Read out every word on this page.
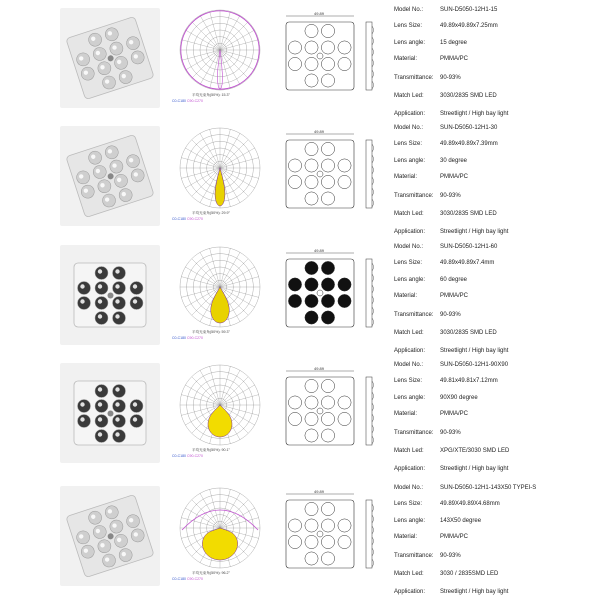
平均光束角(50%): 15.3°
C0-C180 C90-C270
49.89
Model No.:	SUN-D5050-12H1-15
Lens Size:	49.89x49.89x7.25mm
Lens angle: 15 degree
Material:	PMMA/PC
Transmittance: 90-93%
Match Led:	3030/2835 SMD LED
Application: Streetlight / High bay light
平均光束角(50%): 29.9°
C0-C180 C90-C270
49.89
Model No.:	SUN-D5050-12H1-30
Lens Size:	49.89x49.89x7.39mm
Lens angle: 30 degree
Material:	PMMA/PC
Transmittance: 90-93%
Match Led:	3030/2835 SMD LED
Application: Streetlight / High bay light
平均光束角(50%): 59.3°
C0-C180 C90-C270
49.89
Model No.:	SUN-D5050-12H1-60
Lens Size:	49.89x49.89x7.4mm
Lens angle: 60 degree
Material:	PMMA/PC
Transmittance: 90-93%
Match Led:	3030/2835 SMD LED
Application: Streetlight / High bay light
平均光束角(50%): 90.1°
C0-C180 C90-C270
49.89
Model No.:	SUN-D5050-12H1-90X90
Lens Size:	49.81x49.81x7.12mm
Lens angle: 90X90 degree
Material:	PMMA/PC
Transmittance: 90-93%
Match Led:	XPG/XTE/3030 SMD LED
Application: Streetlight / High bay light
平均光束角(50%): 96.2°
C0-C180 C90-C270
49.89
Model No.:	SUN-D5050-12H1-143X50 TYPEI-S
Lens Size:	49.89X49.89X4.68mm
Lens angle: 143X50 degree
Material:	PMMA/PC
Transmittance: 90-93%
Match Led:	3030 / 2835SMD LED
Application: Streetlight / High bay light
